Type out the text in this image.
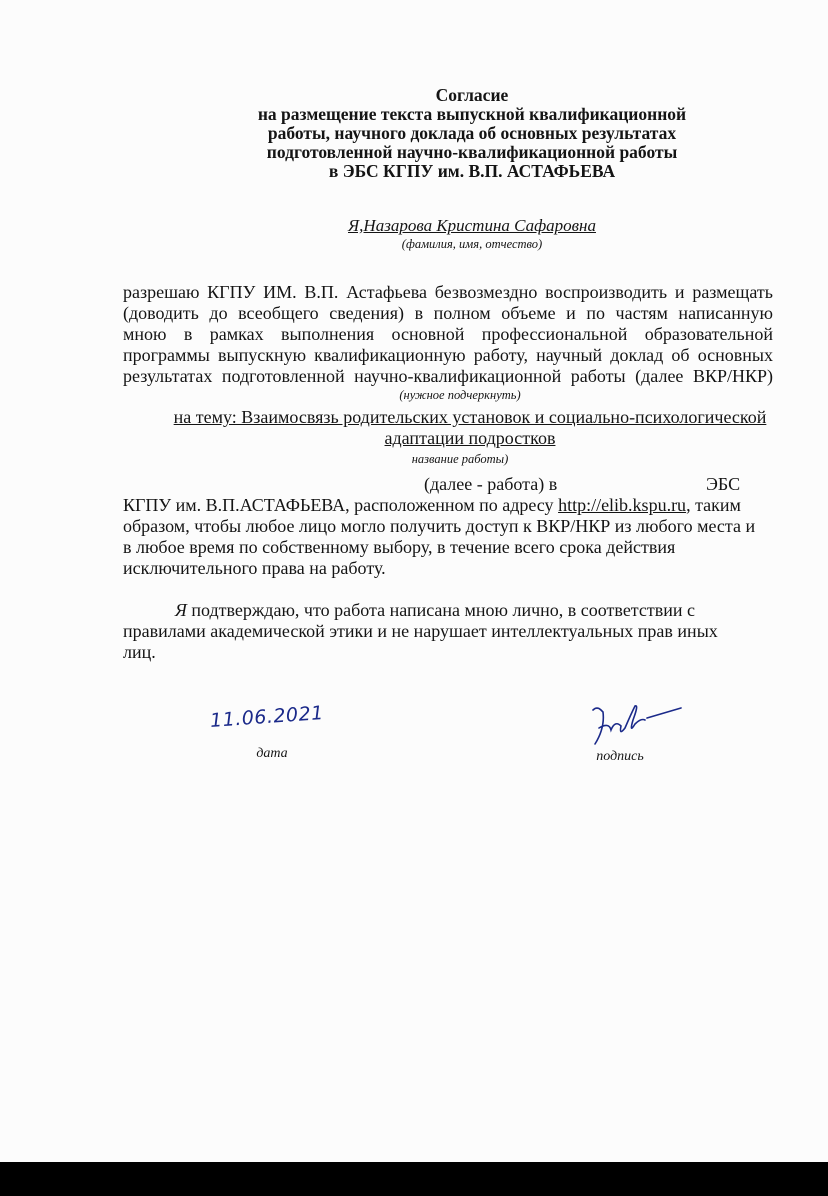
Согласие
на размещение текста выпускной квалификационной
работы, научного доклада об основных результатах
подготовленной научно-квалификационной работы
в ЭБС КГПУ им. В.П. АСТАФЬЕВА
Я,Назарова Кристина Сафаровна
(фамилия, имя, отчество)
разрешаю КГПУ ИМ. В.П. Астафьева безвозмездно воспроизводить и размещать
(доводить до всеобщего сведения) в полном объеме и по частям написанную
мною в рамках выполнения основной профессиональной образовательной
программы выпускную квалификационную работу, научный доклад об основных
результатах подготовленной научно-квалификационной работы (далее ВКР/НКР)
(нужное подчеркнуть)
на тему: Взаимосвязь родительских установок и социально-психологической
адаптации подростков
название работы)
(далее - работа) в	ЭБС
КГПУ им. В.П.АСТАФЬЕВА, расположенном по адресу http://elib.kspu.ru, таким
образом, чтобы любое лицо могло получить доступ к ВКР/НКР из любого места и
в любое время по собственному выбору, в течение всего срока действия
исключительного права на работу.
Я подтверждаю, что работа написана мною лично, в соответствии с
правилами академической этики и не нарушает интеллектуальных прав иных
лиц.
11.06.2021
дата	подпись
